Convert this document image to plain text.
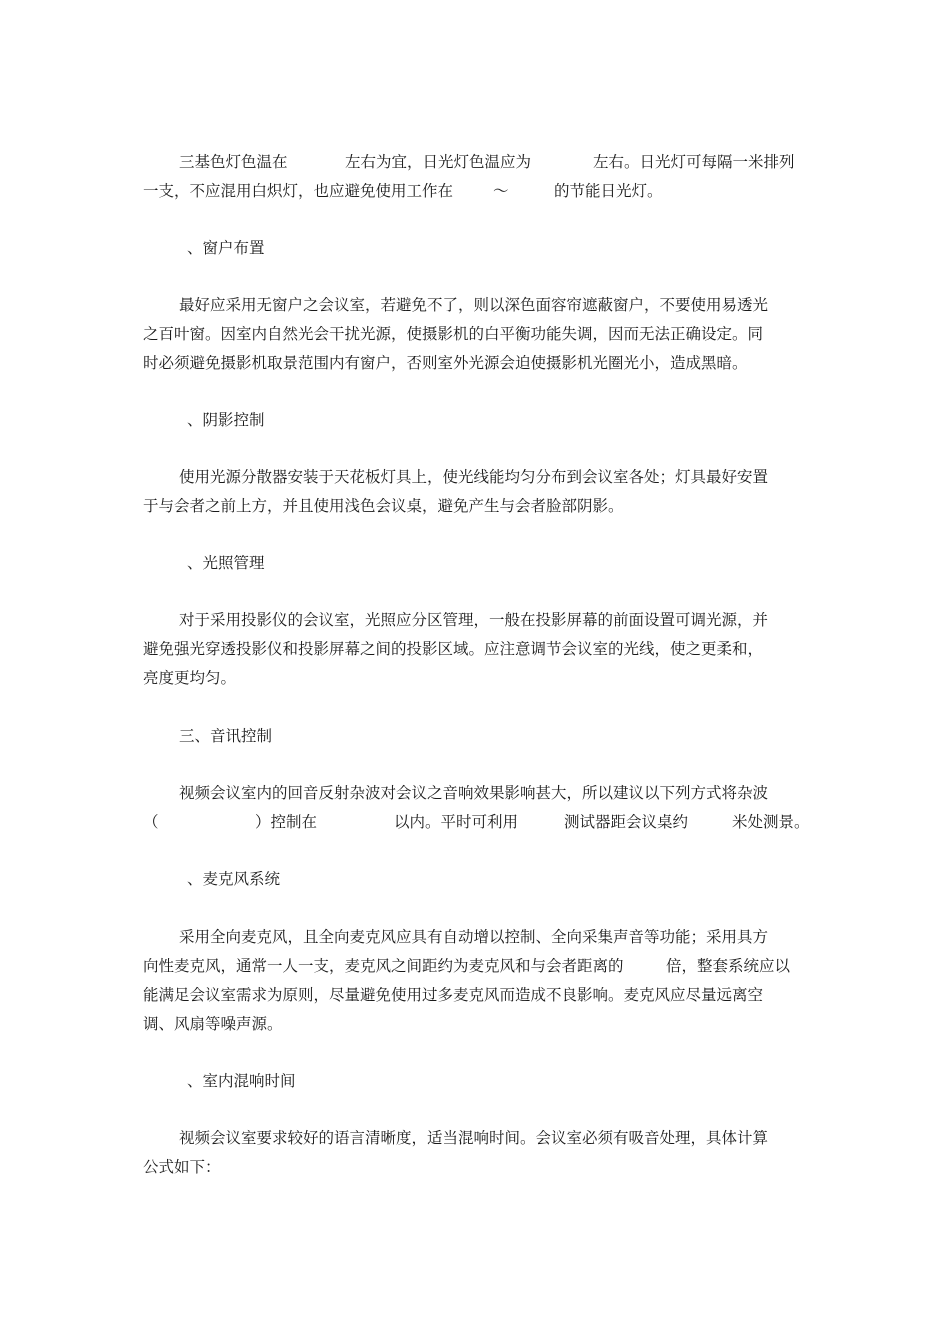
三基色灯色温在	左右为宜，日光灯色温应为	左右。日光灯可每隔一米排列
一支，不应混用白炽灯，也应避免使用工作在	～	的节能日光灯。
、窗户布置
最好应采用无窗户之会议室，若避免不了，则以深色面容帘遮蔽窗户，不要使用易透光
之百叶窗。因室内自然光会干扰光源，使摄影机的白平衡功能失调，因而无法正确设定。同
时必须避免摄影机取景范围内有窗户，否则室外光源会迫使摄影机光圈光小，造成黑暗。
、阴影控制
使用光源分散器安装于天花板灯具上，使光线能均匀分布到会议室各处；灯具最好安置
于与会者之前上方，并且使用浅色会议桌，避免产生与会者脸部阴影。
、光照管理
对于采用投影仪的会议室，光照应分区管理，一般在投影屏幕的前面设置可调光源，并
避免强光穿透投影仪和投影屏幕之间的投影区域。应注意调节会议室的光线，使之更柔和，
亮度更均匀。
三、音讯控制
视频会议室内的回音反射杂波对会议之音响效果影响甚大，所以建议以下列方式将杂波
（	）控制在	以内。平时可利用	测试器距会议桌约	米处测景。
、麦克风系统
采用全向麦克风，且全向麦克风应具有自动增以控制、全向采集声音等功能；采用具方
向性麦克风，通常一人一支，麦克风之间距约为麦克风和与会者距离的	倍，整套系统应以
能满足会议室需求为原则，尽量避免使用过多麦克风而造成不良影响。麦克风应尽量远离空
调、风扇等噪声源。
、室内混响时间
视频会议室要求较好的语言清晰度，适当混响时间。会议室必须有吸音处理，具体计算
公式如下：
